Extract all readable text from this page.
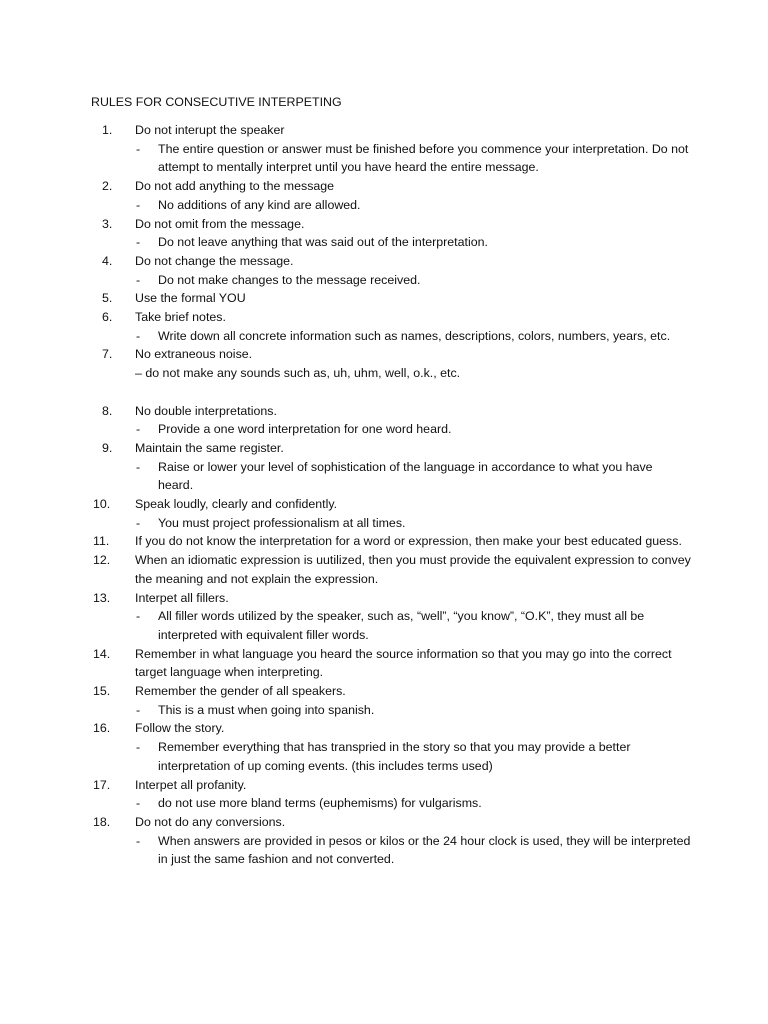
RULES FOR CONSECUTIVE INTERPETING
1.	Do not interupt the speaker
-	The entire question or answer must be finished before you commence your interpretation. Do not attempt to mentally interpret until you have heard the entire message.
2.	Do not add anything to the message
-	No additions of any kind are allowed.
3.	Do not omit from the message.
-	Do not leave anything that was said out of the interpretation.
4.	Do not change the message.
-	Do not make changes to the message received.
5.	Use the formal YOU
6.	Take brief notes.
-	Write down all concrete information such as names, descriptions, colors, numbers, years, etc.
7.	No extraneous noise.
– do not make any sounds such as, uh, uhm, well, o.k., etc.
8.	No double interpretations.
-	Provide a one word interpretation for one word heard.
9.	Maintain the same register.
-	Raise or lower your level of sophistication of the language in accordance to what you have heard.
10.	Speak loudly, clearly and confidently.
-	You must project professionalism at all times.
11.	If you do not know the interpretation for a word or expression, then make your best educated guess.
12.	When an idiomatic expression is uutilized, then you must provide the equivalent expression to convey the meaning and not explain the expression.
13.	Interpet all fillers.
-	All filler words utilized by the speaker, such as, “well”, “you know”, “O.K”, they must all be interpreted with equivalent filler words.
14.	Remember in what language you heard the source information so that you may go into the correct target language when interpreting.
15.	Remember the gender of all speakers.
-	This is a must when going into spanish.
16.	Follow the story.
-	Remember everything that has transpried in the story so that you may provide a better interpretation of up coming events. (this includes terms used)
17.	Interpet all profanity.
-	do not use more bland terms (euphemisms) for vulgarisms.
18.	Do not do any conversions.
-	When answers are provided in pesos or kilos or the 24 hour clock is used, they will be interpreted in just the same fashion and not converted.
